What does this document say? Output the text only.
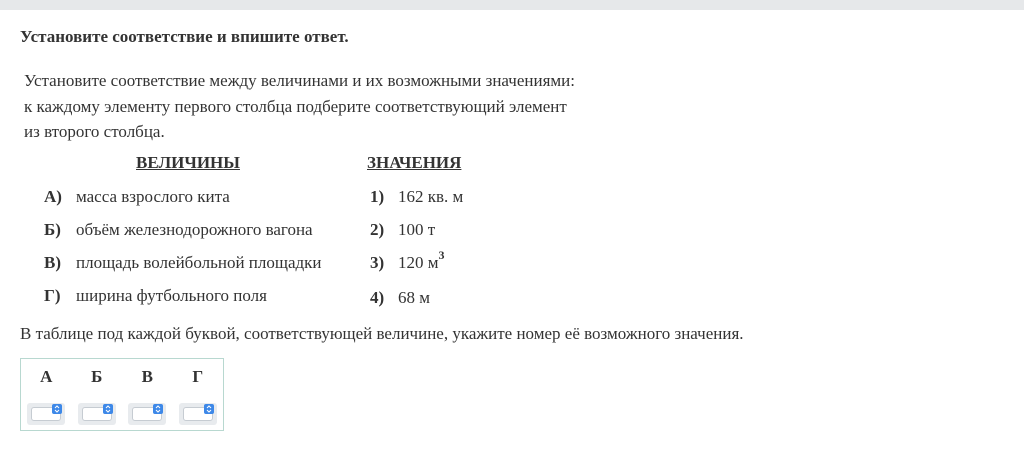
Установите соответствие и впишите ответ.
Установите соответствие между величинами и их возможными значениями:
к каждому элементу первого столбца подберите соответствующий элемент
из второго столбца.
ВЕЛИЧИНЫ	ЗНАЧЕНИЯ
А) масса взрослого кита
Б) объём железнодорожного вагона
В) площадь волейбольной площадки
Г) ширина футбольного поля
1) 162 кв. м
2) 100 т
3) 120 $м^3$
4) 68 м
В таблице под каждой буквой, соответствующей величине, укажите номер её возможного значения.
А	Б	В	Г
